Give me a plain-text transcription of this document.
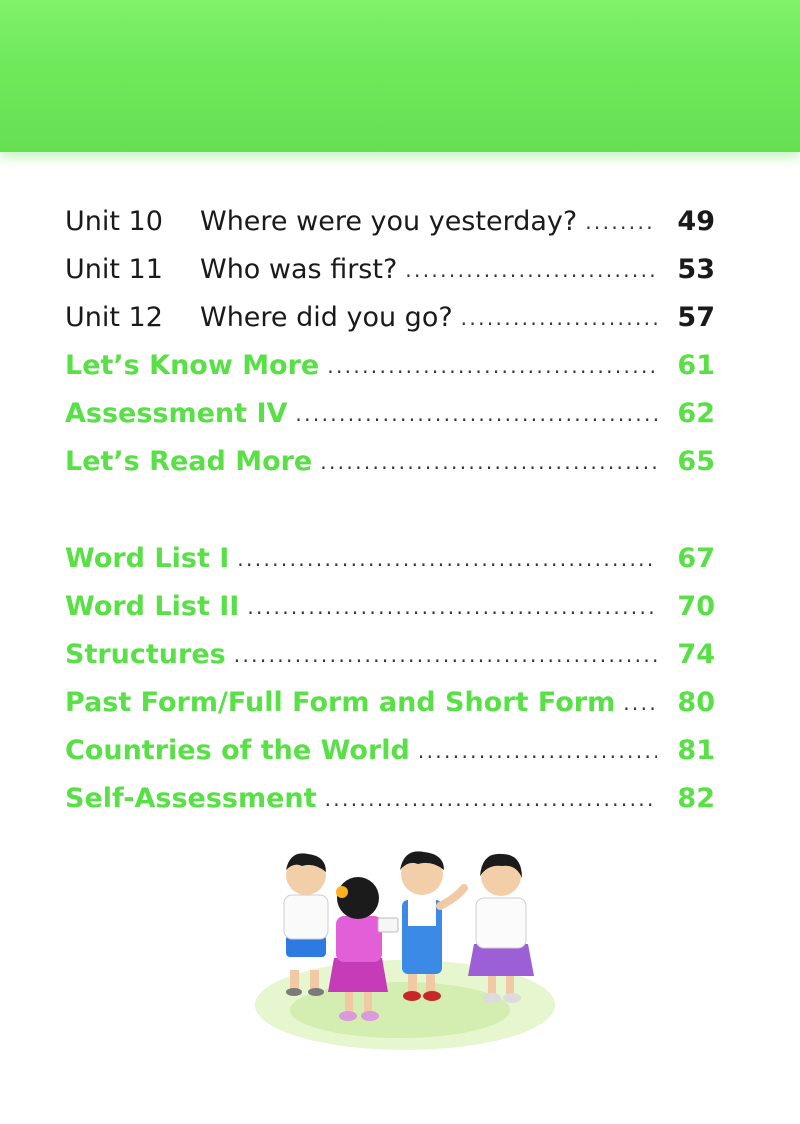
Unit 10	Where were you yesterday? . . .	49
Unit 11	Who was first? . . .	53
Unit 12	Where did you go? . . .	57
Let’s Know More . . .	61
Assessment IV . . .	62
Let’s Read More . . .	65
Word List I . . .	67
Word List II . . .	70
Structures . . .	74
Past Form/Full Form and Short Form . . .	80
Countries of the World . . .	81
Self-Assessment . . .	82
